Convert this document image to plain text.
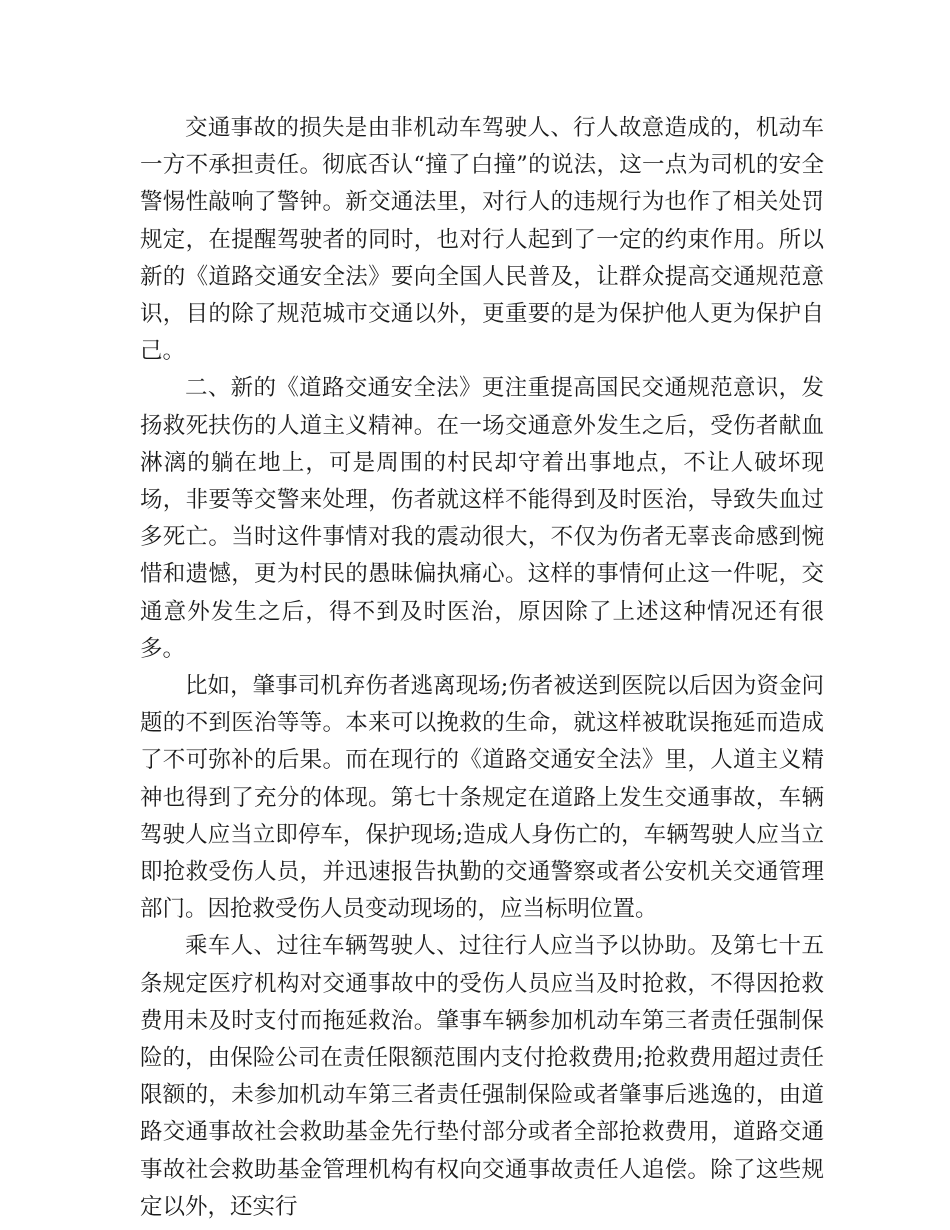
交通事故的损失是由非机动车驾驶人、行人故意造成的，机动车一方不承担责任。彻底否认“撞了白撞”的说法，这一点为司机的安全警惕性敲响了警钟。新交通法里，对行人的违规行为也作了相关处罚规定，在提醒驾驶者的同时，也对行人起到了一定的约束作用。所以新的《道路交通安全法》要向全国人民普及，让群众提高交通规范意识，目的除了规范城市交通以外，更重要的是为保护他人更为保护自己。

二、新的《道路交通安全法》更注重提高国民交通规范意识，发扬救死扶伤的人道主义精神。在一场交通意外发生之后，受伤者献血淋漓的躺在地上，可是周围的村民却守着出事地点，不让人破坏现场，非要等交警来处理，伤者就这样不能得到及时医治，导致失血过多死亡。当时这件事情对我的震动很大，不仅为伤者无辜丧命感到惋惜和遗憾，更为村民的愚昧偏执痛心。这样的事情何止这一件呢，交通意外发生之后，得不到及时医治，原因除了上述这种情况还有很多。

比如，肇事司机弃伤者逃离现场;伤者被送到医院以后因为资金问题的不到医治等等。本来可以挽救的生命，就这样被耽误拖延而造成了不可弥补的后果。而在现行的《道路交通安全法》里，人道主义精神也得到了充分的体现。第七十条规定在道路上发生交通事故，车辆驾驶人应当立即停车，保护现场;造成人身伤亡的，车辆驾驶人应当立即抢救受伤人员，并迅速报告执勤的交通警察或者公安机关交通管理部门。因抢救受伤人员变动现场的，应当标明位置。

乘车人、过往车辆驾驶人、过往行人应当予以协助。及第七十五条规定医疗机构对交通事故中的受伤人员应当及时抢救，不得因抢救费用未及时支付而拖延救治。肇事车辆参加机动车第三者责任强制保险的，由保险公司在责任限额范围内支付抢救费用;抢救费用超过责任限额的，未参加机动车第三者责任强制保险或者肇事后逃逸的，由道路交通事故社会救助基金先行垫付部分或者全部抢救费用，道路交通事故社会救助基金管理机构有权向交通事故责任人追偿。除了这些规定以外，还实行
